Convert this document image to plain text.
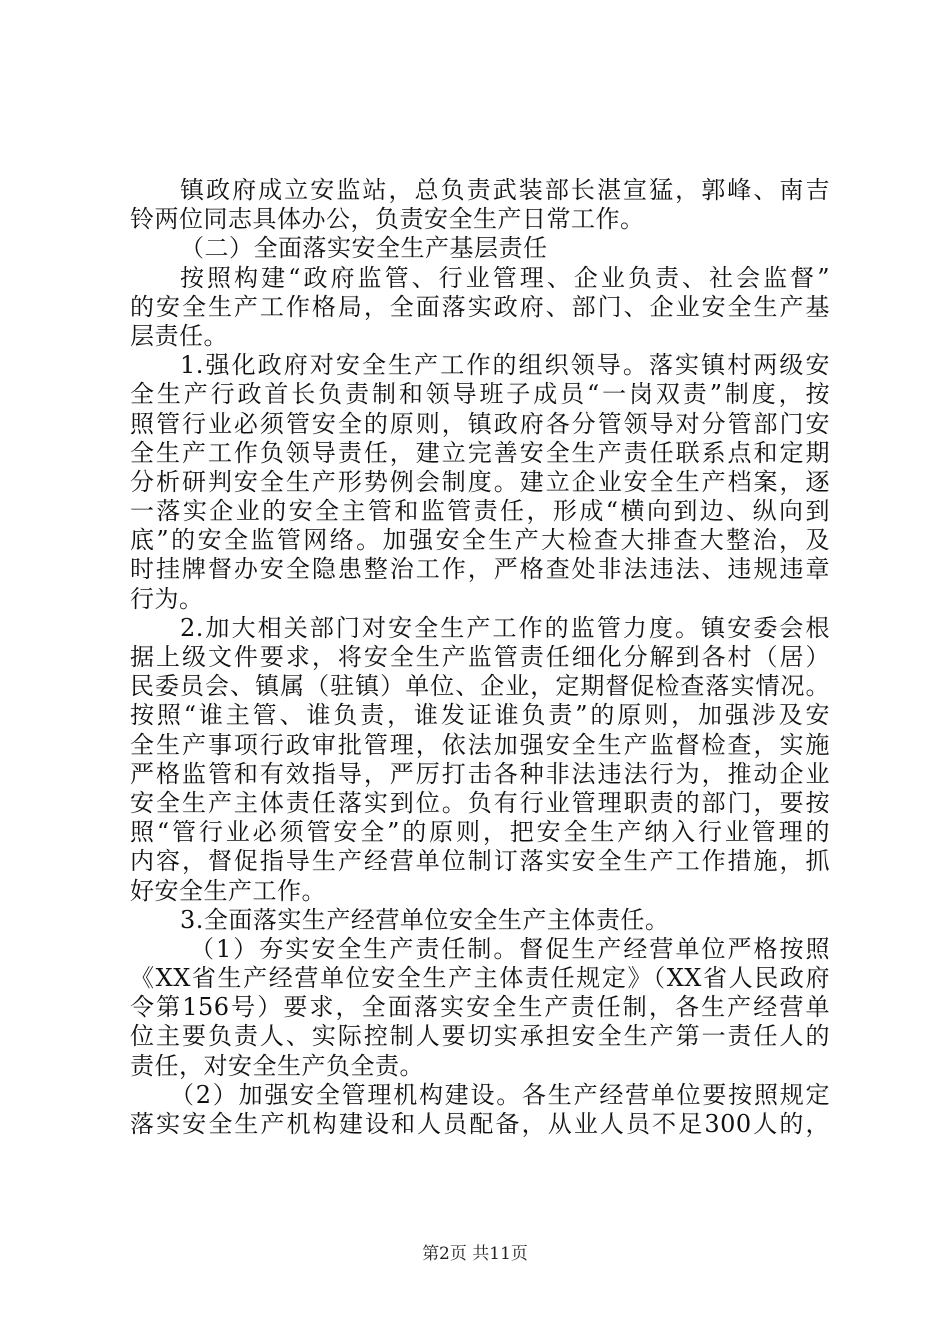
镇政府成立安监站，总负责武装部长湛宣猛，郭峰、南吉
铃两位同志具体办公，负责安全生产日常工作。
（二）全面落实安全生产基层责任
按照构建“政府监管、行业管理、企业负责、社会监督”
的安全生产工作格局，全面落实政府、部门、企业安全生产基
层责任。
1.强化政府对安全生产工作的组织领导。落实镇村两级安
全生产行政首长负责制和领导班子成员“一岗双责”制度，按
照管行业必须管安全的原则，镇政府各分管领导对分管部门安
全生产工作负领导责任，建立完善安全生产责任联系点和定期
分析研判安全生产形势例会制度。建立企业安全生产档案，逐
一落实企业的安全主管和监管责任，形成“横向到边、纵向到
底”的安全监管网络。加强安全生产大检查大排查大整治，及
时挂牌督办安全隐患整治工作，严格查处非法违法、违规违章
行为。
2.加大相关部门对安全生产工作的监管力度。镇安委会根
据上级文件要求，将安全生产监管责任细化分解到各村（居）
民委员会、镇属（驻镇）单位、企业，定期督促检查落实情况。
按照“谁主管、谁负责，谁发证谁负责”的原则，加强涉及安
全生产事项行政审批管理，依法加强安全生产监督检查，实施
严格监管和有效指导，严厉打击各种非法违法行为，推动企业
安全生产主体责任落实到位。负有行业管理职责的部门，要按
照“管行业必须管安全”的原则，把安全生产纳入行业管理的
内容，督促指导生产经营单位制订落实安全生产工作措施，抓
好安全生产工作。
3.全面落实生产经营单位安全生产主体责任。
（1）夯实安全生产责任制。督促生产经营单位严格按照
《XX省生产经营单位安全生产主体责任规定》（XX省人民政府
令第156号）要求，全面落实安全生产责任制，各生产经营单
位主要负责人、实际控制人要切实承担安全生产第一责任人的
责任，对安全生产负全责。
（2）加强安全管理机构建设。各生产经营单位要按照规定
落实安全生产机构建设和人员配备，从业人员不足300人的，
第2页 共11页
